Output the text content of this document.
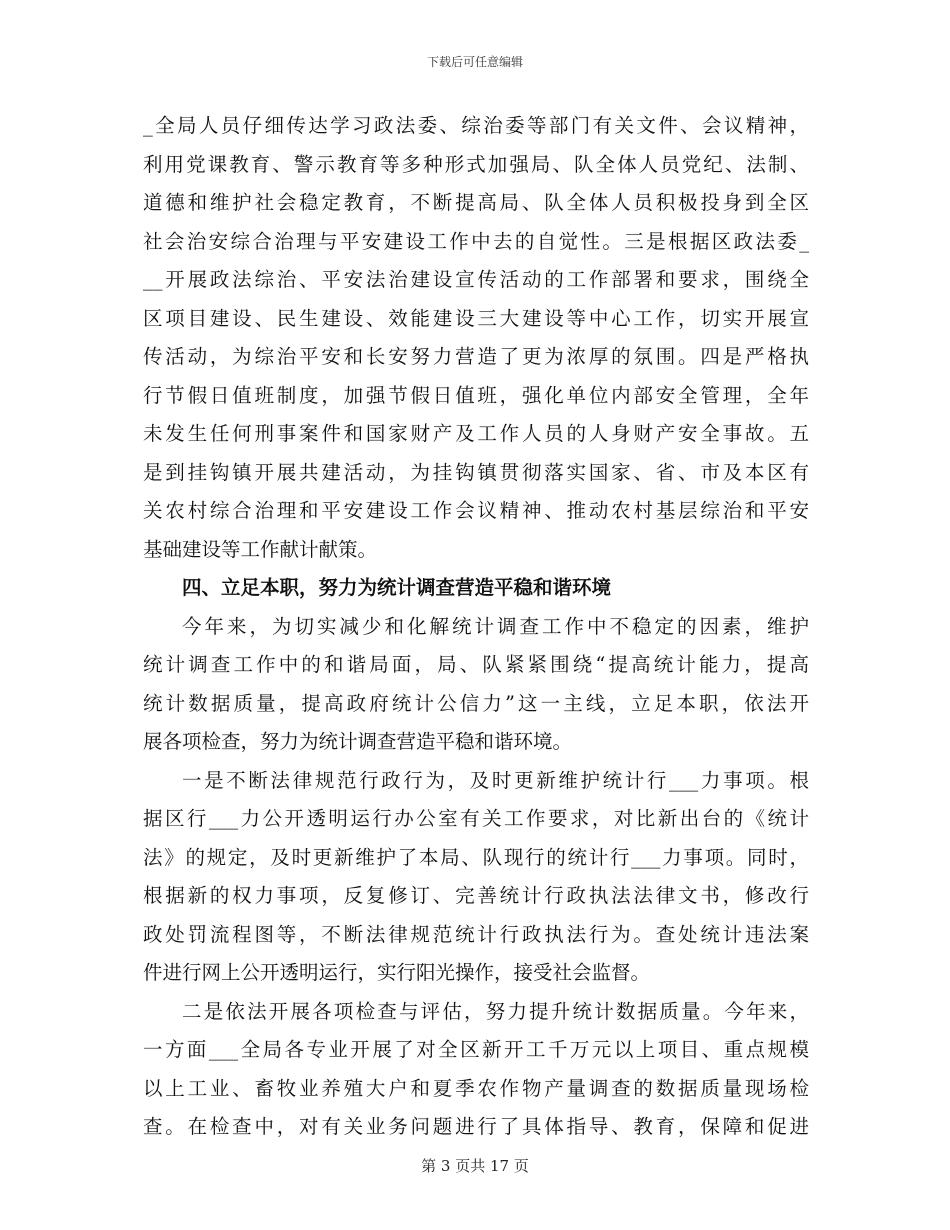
下载后可任意编辑
_全局人员仔细传达学习政法委、综治委等部门有关文件、会议精神，
利用党课教育、警示教育等多种形式加强局、队全体人员党纪、法制、
道德和维护社会稳定教育，不断提高局、队全体人员积极投身到全区
社会治安综合治理与平安建设工作中去的自觉性。三是根据区政法委_
__开展政法综治、平安法治建设宣传活动的工作部署和要求，围绕全
区项目建设、民生建设、效能建设三大建设等中心工作，切实开展宣
传活动，为综治平安和长安努力营造了更为浓厚的氛围。四是严格执
行节假日值班制度，加强节假日值班，强化单位内部安全管理，全年
未发生任何刑事案件和国家财产及工作人员的人身财产安全事故。五
是到挂钩镇开展共建活动，为挂钩镇贯彻落实国家、省、市及本区有
关农村综合治理和平安建设工作会议精神、推动农村基层综治和平安
基础建设等工作献计献策。
四、立足本职，努力为统计调查营造平稳和谐环境
今年来，为切实减少和化解统计调查工作中不稳定的因素，维护
统计调查工作中的和谐局面，局、队紧紧围绕“提高统计能力，提高
统计数据质量，提高政府统计公信力”这一主线，立足本职，依法开
展各项检查，努力为统计调查营造平稳和谐环境。
一是不断法律规范行政行为，及时更新维护统计行___力事项。根
据区行___力公开透明运行办公室有关工作要求，对比新出台的《统计
法》的规定，及时更新维护了本局、队现行的统计行___力事项。同时，
根据新的权力事项，反复修订、完善统计行政执法法律文书，修改行
政处罚流程图等，不断法律规范统计行政执法行为。查处统计违法案
件进行网上公开透明运行，实行阳光操作，接受社会监督。
二是依法开展各项检查与评估，努力提升统计数据质量。今年来，
一方面___全局各专业开展了对全区新开工千万元以上项目、重点规模
以上工业、畜牧业养殖大户和夏季农作物产量调查的数据质量现场检
查。在检查中，对有关业务问题进行了具体指导、教育，保障和促进
第 3 页共 17 页
